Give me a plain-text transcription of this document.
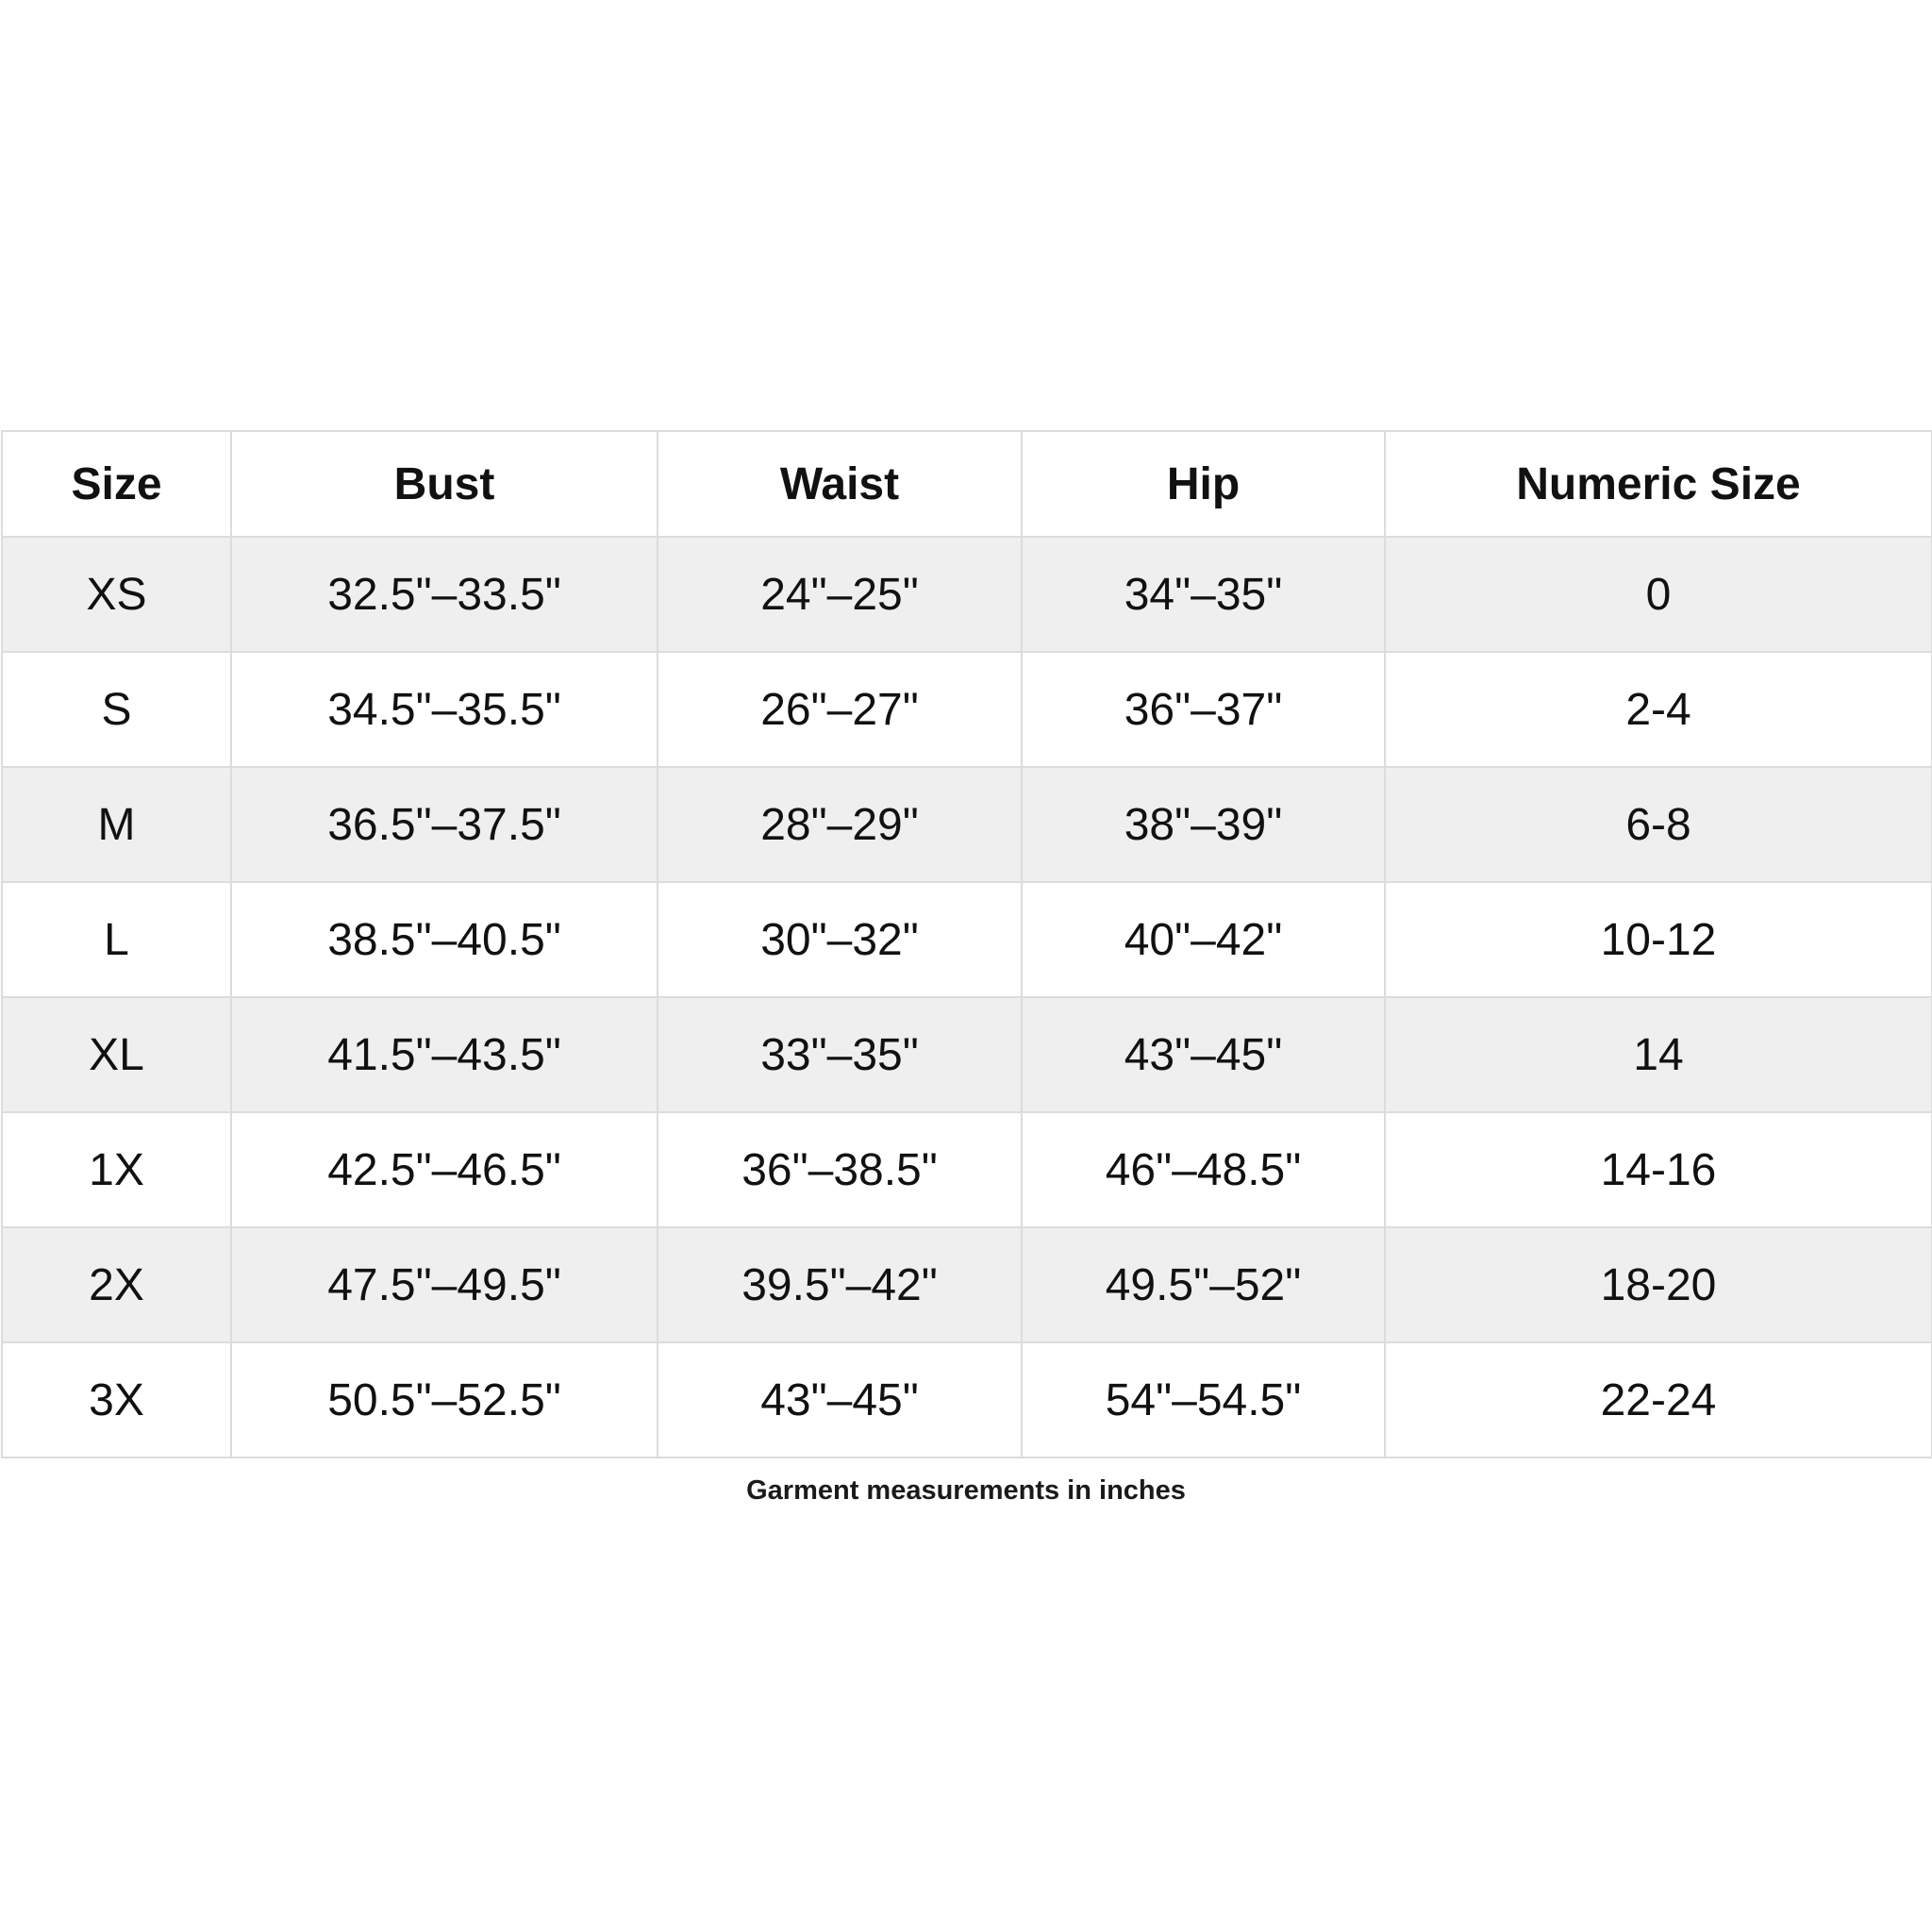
Size	Bust	Waist	Hip	Numeric Size
XS	32.5"–33.5"	24"–25"	34"–35"	0
S	34.5"–35.5"	26"–27"	36"–37"	2-4
M	36.5"–37.5"	28"–29"	38"–39"	6-8
L	38.5"–40.5"	30"–32"	40"–42"	10-12
XL	41.5"–43.5"	33"–35"	43"–45"	14
1X	42.5"–46.5"	36"–38.5"	46"–48.5"	14-16
2X	47.5"–49.5"	39.5"–42"	49.5"–52"	18-20
3X	50.5"–52.5"	43"–45"	54"–54.5"	22-24
Garment measurements in inches
